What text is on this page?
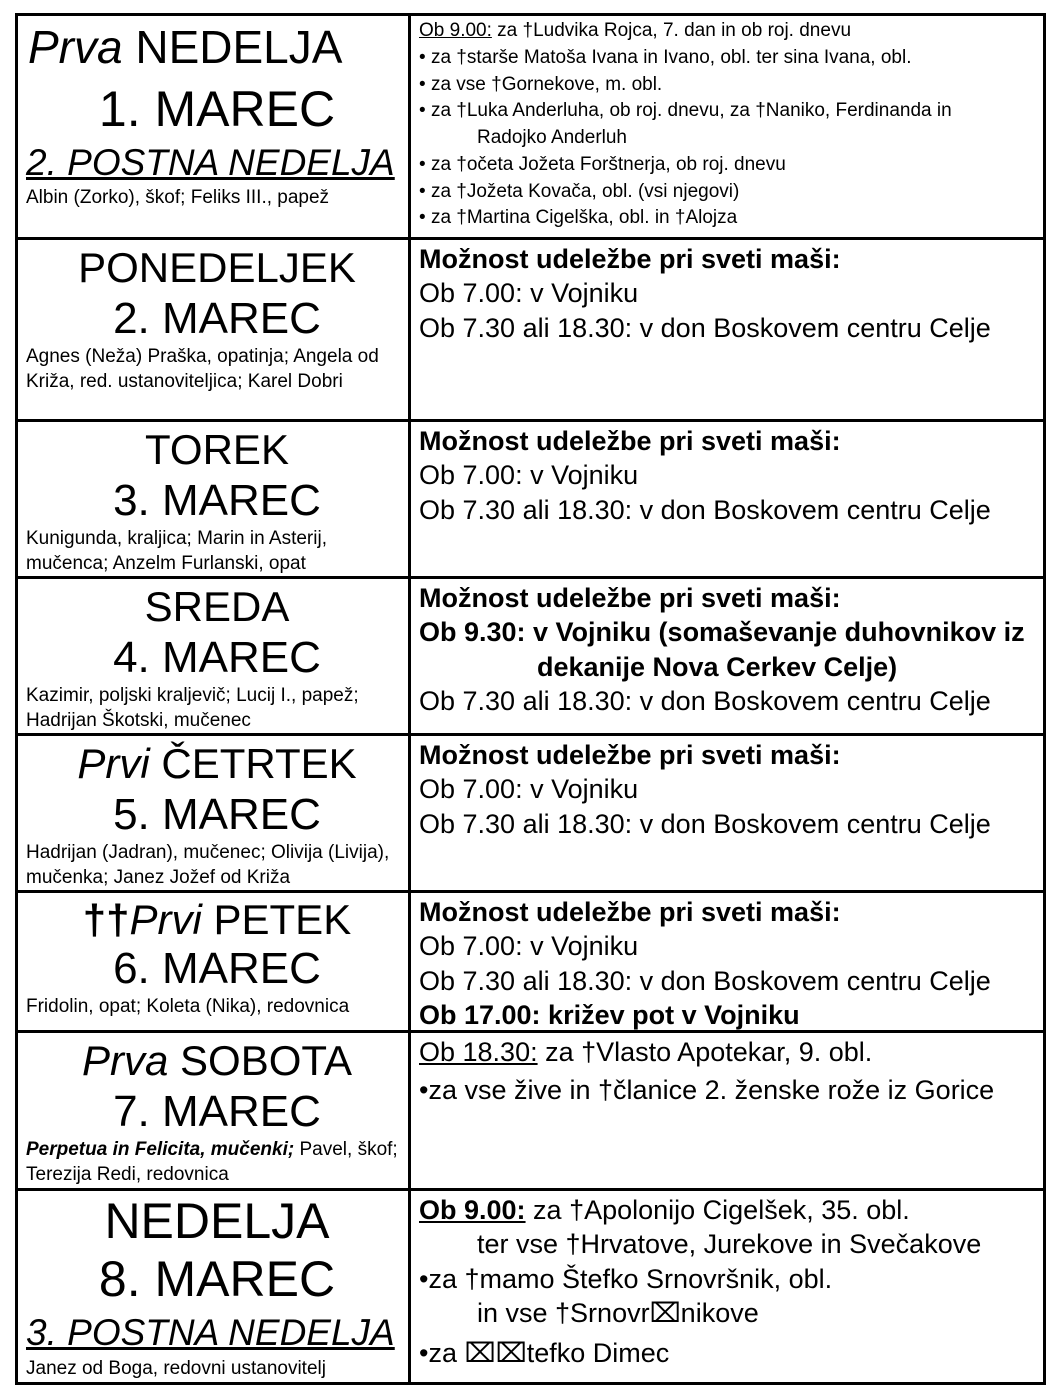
Prva NEDELJA
1. MAREC
2. POSTNA NEDELJA
Albin (Zorko), škof; Feliks III., papež
Ob 9.00: za †Ludvika Rojca, 7. dan in ob roj. dnevu
• za †starše Matoša Ivana in Ivano, obl. ter sina Ivana, obl.
• za vse †Gornekove, m. obl.
• za †Luka Anderluha, ob roj. dnevu, za †Naniko, Ferdinanda in
Radojko Anderluh
• za †očeta Jožeta Forštnerja, ob roj. dnevu
• za †Jožeta Kovača, obl. (vsi njegovi)
• za †Martina Cigelška, obl. in †Alojza
PONEDELJEK
2. MAREC
Agnes (Neža) Praška, opatinja; Angela od Križa, red. ustanoviteljica; Karel Dobri
Možnost udeležbe pri sveti maši:
Ob 7.00: v Vojniku
Ob 7.30 ali 18.30: v don Boskovem centru Celje
TOREK
3. MAREC
Kunigunda, kraljica; Marin in Asterij, mučenca; Anzelm Furlanski, opat
Možnost udeležbe pri sveti maši:
Ob 7.00: v Vojniku
Ob 7.30 ali 18.30: v don Boskovem centru Celje
SREDA
4. MAREC
Kazimir, poljski kraljevič; Lucij I., papež; Hadrijan Škotski, mučenec
Možnost udeležbe pri sveti maši:
Ob 9.30: v Vojniku (somaševanje duhovnikov iz
dekanije Nova Cerkev Celje)
Ob 7.30 ali 18.30: v don Boskovem centru Celje
Prvi ČETRTEK
5. MAREC
Hadrijan (Jadran), mučenec; Olivija (Livija), mučenka; Janez Jožef od Križa
Možnost udeležbe pri sveti maši:
Ob 7.00: v Vojniku
Ob 7.30 ali 18.30: v don Boskovem centru Celje
††Prvi PETEK
6. MAREC
Fridolin, opat; Koleta (Nika), redovnica
Možnost udeležbe pri sveti maši:
Ob 7.00: v Vojniku
Ob 7.30 ali 18.30: v don Boskovem centru Celje
Ob 17.00: križev pot v Vojniku
Prva SOBOTA
7. MAREC
Perpetua in Felicita, mučenki; Pavel, škof; Terezija Redi, redovnica
Ob 18.30: za †Vlasto Apotekar, 9. obl.
•za vse žive in †članice 2. ženske rože iz Gorice
NEDELJA
8. MAREC
3. POSTNA NEDELJA
Janez od Boga, redovni ustanovitelj
Ob 9.00: za †Apolonijo Cigelšek, 35. obl.
ter vse †Hrvatove, Jurekove in Svečakove
•za †mamo Štefko Srnovršnik, obl.
in vse †Srnovr⌧nikove
•za ⌧⌧tefko Dimec
